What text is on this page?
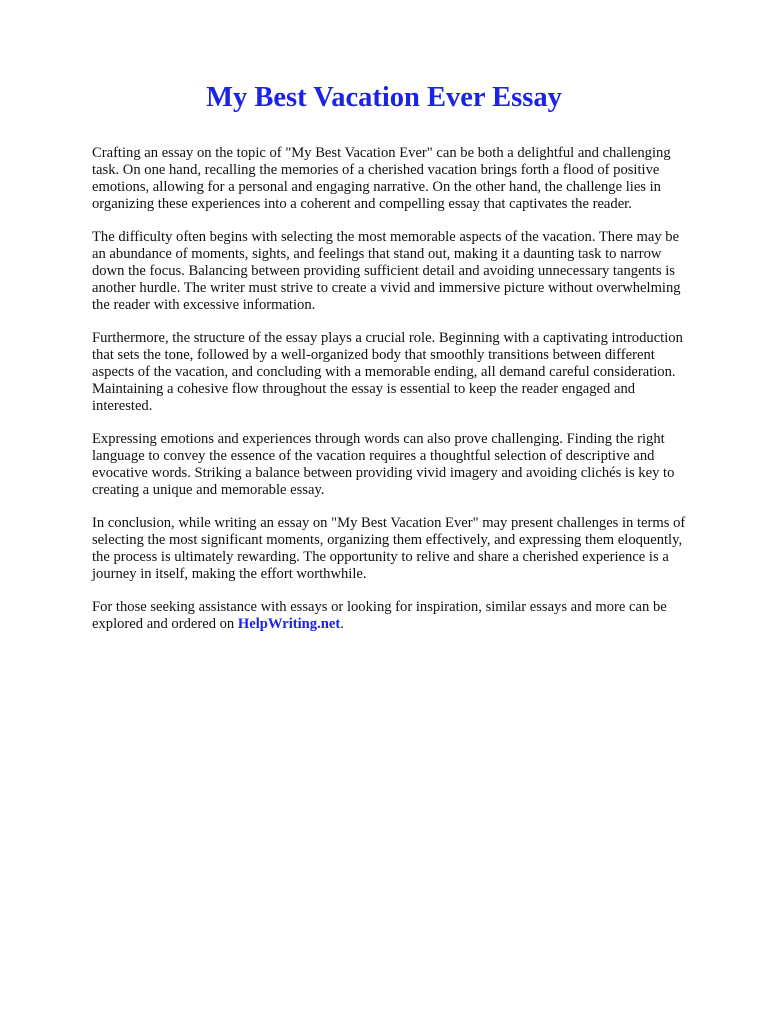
My Best Vacation Ever Essay

Crafting an essay on the topic of "My Best Vacation Ever" can be both a delightful and challenging
task. On one hand, recalling the memories of a cherished vacation brings forth a flood of positive
emotions, allowing for a personal and engaging narrative. On the other hand, the challenge lies in
organizing these experiences into a coherent and compelling essay that captivates the reader.

The difficulty often begins with selecting the most memorable aspects of the vacation. There may be
an abundance of moments, sights, and feelings that stand out, making it a daunting task to narrow
down the focus. Balancing between providing sufficient detail and avoiding unnecessary tangents is
another hurdle. The writer must strive to create a vivid and immersive picture without overwhelming
the reader with excessive information.

Furthermore, the structure of the essay plays a crucial role. Beginning with a captivating introduction
that sets the tone, followed by a well-organized body that smoothly transitions between different
aspects of the vacation, and concluding with a memorable ending, all demand careful consideration.
Maintaining a cohesive flow throughout the essay is essential to keep the reader engaged and
interested.

Expressing emotions and experiences through words can also prove challenging. Finding the right
language to convey the essence of the vacation requires a thoughtful selection of descriptive and
evocative words. Striking a balance between providing vivid imagery and avoiding clichés is key to
creating a unique and memorable essay.

In conclusion, while writing an essay on "My Best Vacation Ever" may present challenges in terms of
selecting the most significant moments, organizing them effectively, and expressing them eloquently,
the process is ultimately rewarding. The opportunity to relive and share a cherished experience is a
journey in itself, making the effort worthwhile.

For those seeking assistance with essays or looking for inspiration, similar essays and more can be
explored and ordered on HelpWriting.net.
